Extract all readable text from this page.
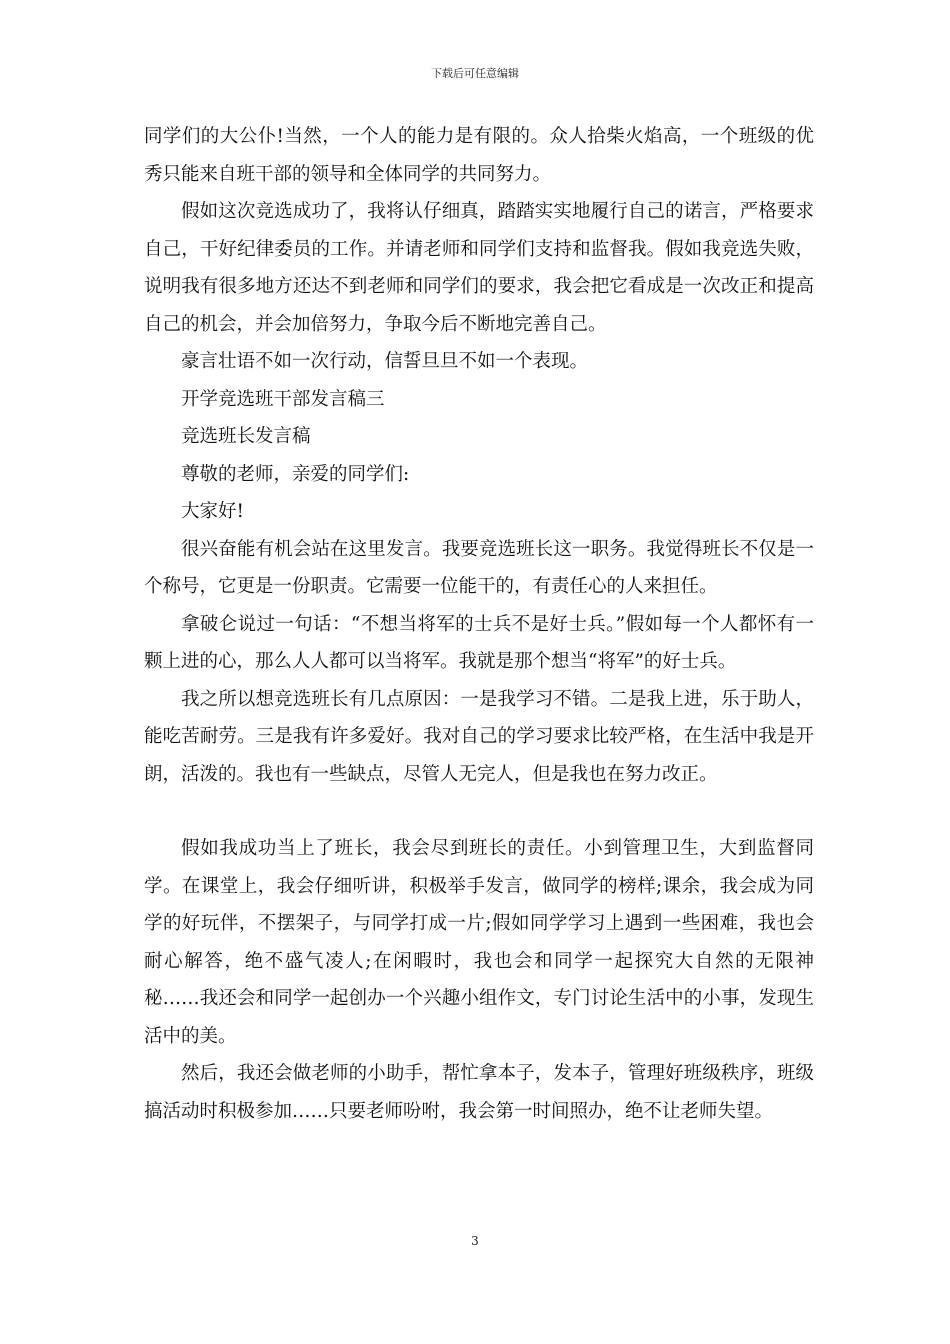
下载后可任意编辑

同学们的大公仆!当然，一个人的能力是有限的。众人拾柴火焰高，一个班级的优秀只能来自班干部的领导和全体同学的共同努力。

假如这次竞选成功了，我将认仔细真，踏踏实实地履行自己的诺言，严格要求自己，干好纪律委员的工作。并请老师和同学们支持和监督我。假如我竞选失败，说明我有很多地方还达不到老师和同学们的要求，我会把它看成是一次改正和提高自己的机会，并会加倍努力，争取今后不断地完善自己。

豪言壮语不如一次行动，信誓旦旦不如一个表现。

开学竞选班干部发言稿三

竞选班长发言稿

尊敬的老师，亲爱的同学们:

大家好!

很兴奋能有机会站在这里发言。我要竞选班长这一职务。我觉得班长不仅是一个称号，它更是一份职责。它需要一位能干的，有责任心的人来担任。

拿破仑说过一句话：“不想当将军的士兵不是好士兵。”假如每一个人都怀有一颗上进的心，那么人人都可以当将军。我就是那个想当“将军”的好士兵。

我之所以想竞选班长有几点原因：一是我学习不错。二是我上进，乐于助人，能吃苦耐劳。三是我有许多爱好。我对自己的学习要求比较严格，在生活中我是开朗，活泼的。我也有一些缺点，尽管人无完人，但是我也在努力改正。

假如我成功当上了班长，我会尽到班长的责任。小到管理卫生，大到监督同学。在课堂上，我会仔细听讲，积极举手发言，做同学的榜样;课余，我会成为同学的好玩伴，不摆架子，与同学打成一片;假如同学学习上遇到一些困难，我也会耐心解答，绝不盛气凌人;在闲暇时，我也会和同学一起探究大自然的无限神秘……我还会和同学一起创办一个兴趣小组作文，专门讨论生活中的小事，发现生活中的美。

然后，我还会做老师的小助手，帮忙拿本子，发本子，管理好班级秩序，班级搞活动时积极参加……只要老师吩咐，我会第一时间照办，绝不让老师失望。

3
